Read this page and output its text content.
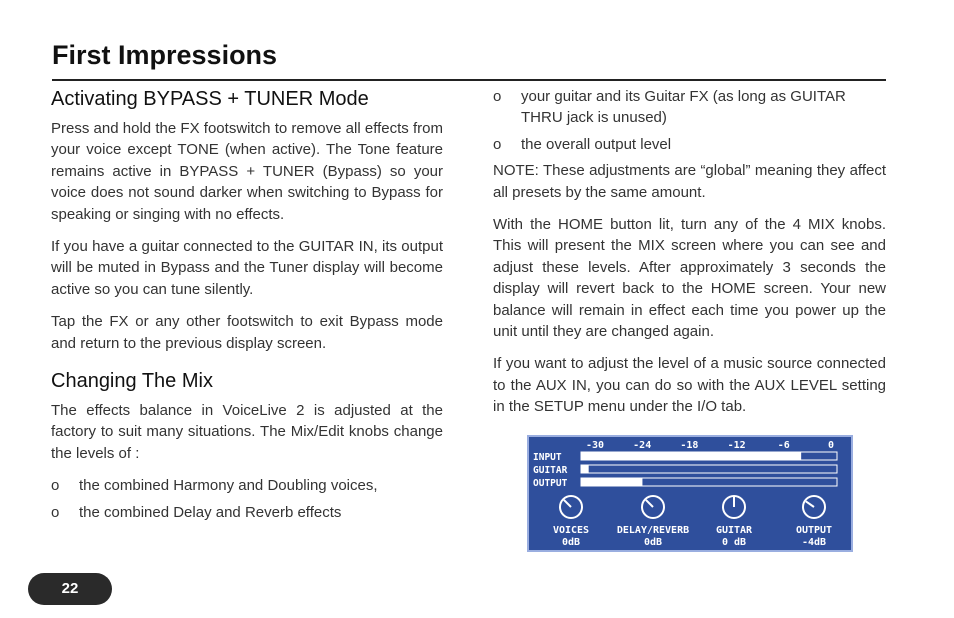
First Impressions
Activating BYPASS + TUNER Mode

Press and hold the FX footswitch to remove all effects from your voice except TONE (when active). The Tone feature remains active in BYPASS + TUNER (Bypass) so your voice does not sound darker when switching to Bypass for speaking or singing with no effects.

If you have a guitar connected to the GUITAR IN, its output will be muted in Bypass and the Tuner display will become active so you can tune silently.

Tap the FX or any other footswitch to exit Bypass mode and return to the previous display screen.

Changing The Mix

The effects balance in VoiceLive 2 is adjusted at the factory to suit many situations. The Mix/Edit knobs change the levels of :

o the combined Harmony and Doubling voices,
o the combined Delay and Reverb effects
o your guitar and its Guitar FX (as long as GUITAR THRU jack is unused)
o the overall output level

NOTE: These adjustments are “global” meaning they affect all presets by the same amount.

With the HOME button lit, turn any of the 4 MIX knobs. This will present the MIX screen where you can see and adjust these levels. After approximately 3 seconds the display will revert back to the HOME screen. Your new balance will remain in effect each time you power up the unit until they are changed again.

If you want to adjust the level of a music source connected to the AUX IN, you can do so with the AUX LEVEL setting in the SETUP menu under the I/O tab.

-30	-24	-18	-12	-6	0
INPUT
GUITAR
OUTPUT
VOICES
0dB
DELAY/REVERB
0dB
GUITAR
0 dB
OUTPUT
-4dB
22
